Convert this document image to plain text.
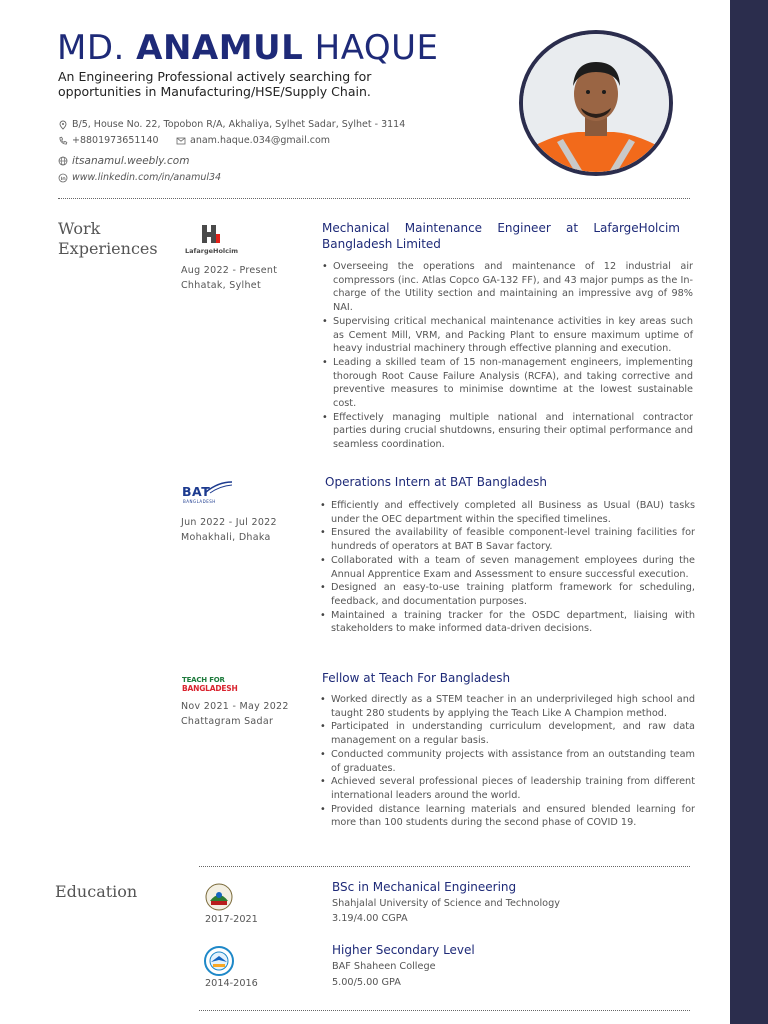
MD. ANAMUL HAQUE
An Engineering Professional actively searching for opportunities in Manufacturing/HSE/Supply Chain.
B/5, House No. 22, Topobon R/A, Akhaliya, Sylhet Sadar, Sylhet - 3114
+8801973651140	anam.haque.034@gmail.com
itsanamul.weebly.com
www.linkedin.com/in/anamul34
Work Experiences	LafargeHolcim
Aug 2022 - Present
Chhatak, Sylhet
Mechanical Maintenance Engineer at LafargeHolcim Bangladesh Limited
• Overseeing the operations and maintenance of 12 industrial air compressors (inc. Atlas Copco GA-132 FF), and 43 major pumps as the In-charge of the Utility section and maintaining an impressive avg of 98% NAI.
• Supervising critical mechanical maintenance activities in key areas such as Cement Mill, VRM, and Packing Plant to ensure maximum uptime of heavy industrial machinery through effective planning and execution.
• Leading a skilled team of 15 non-management engineers, implementing thorough Root Cause Failure Analysis (RCFA), and taking corrective and preventive measures to minimise downtime at the lowest sustainable cost.
• Effectively managing multiple national and international contractor parties during crucial shutdowns, ensuring their optimal performance and seamless coordination.
BAT
BANGLADESH
Jun 2022 - Jul 2022
Mohakhali, Dhaka
Operations Intern at BAT Bangladesh
• Efficiently and effectively completed all Business as Usual (BAU) tasks under the OEC department within the specified timelines.
• Ensured the availability of feasible component-level training facilities for hundreds of operators at BAT B Savar factory.
• Collaborated with a team of seven management employees during the Annual Apprentice Exam and Assessment to ensure successful execution.
• Designed an easy-to-use training platform framework for scheduling, feedback, and documentation purposes.
• Maintained a training tracker for the OSDC department, liaising with stakeholders to make informed data-driven decisions.
TEACH FOR
BANGLADESH
Nov 2021 - May 2022
Chattagram Sadar
Fellow at Teach For Bangladesh
• Worked directly as a STEM teacher in an underprivileged high school and taught 280 students by applying the Teach Like A Champion method.
• Participated in understanding curriculum development, and raw data management on a regular basis.
• Conducted community projects with assistance from an outstanding team of graduates.
• Achieved several professional pieces of leadership training from different international leaders around the world.
• Provided distance learning materials and ensured blended learning for more than 100 students during the second phase of COVID 19.
Education
2017-2021
BSc in Mechanical Engineering
Shahjalal University of Science and Technology
3.19/4.00 CGPA
2014-2016
Higher Secondary Level
BAF Shaheen College
5.00/5.00 GPA
